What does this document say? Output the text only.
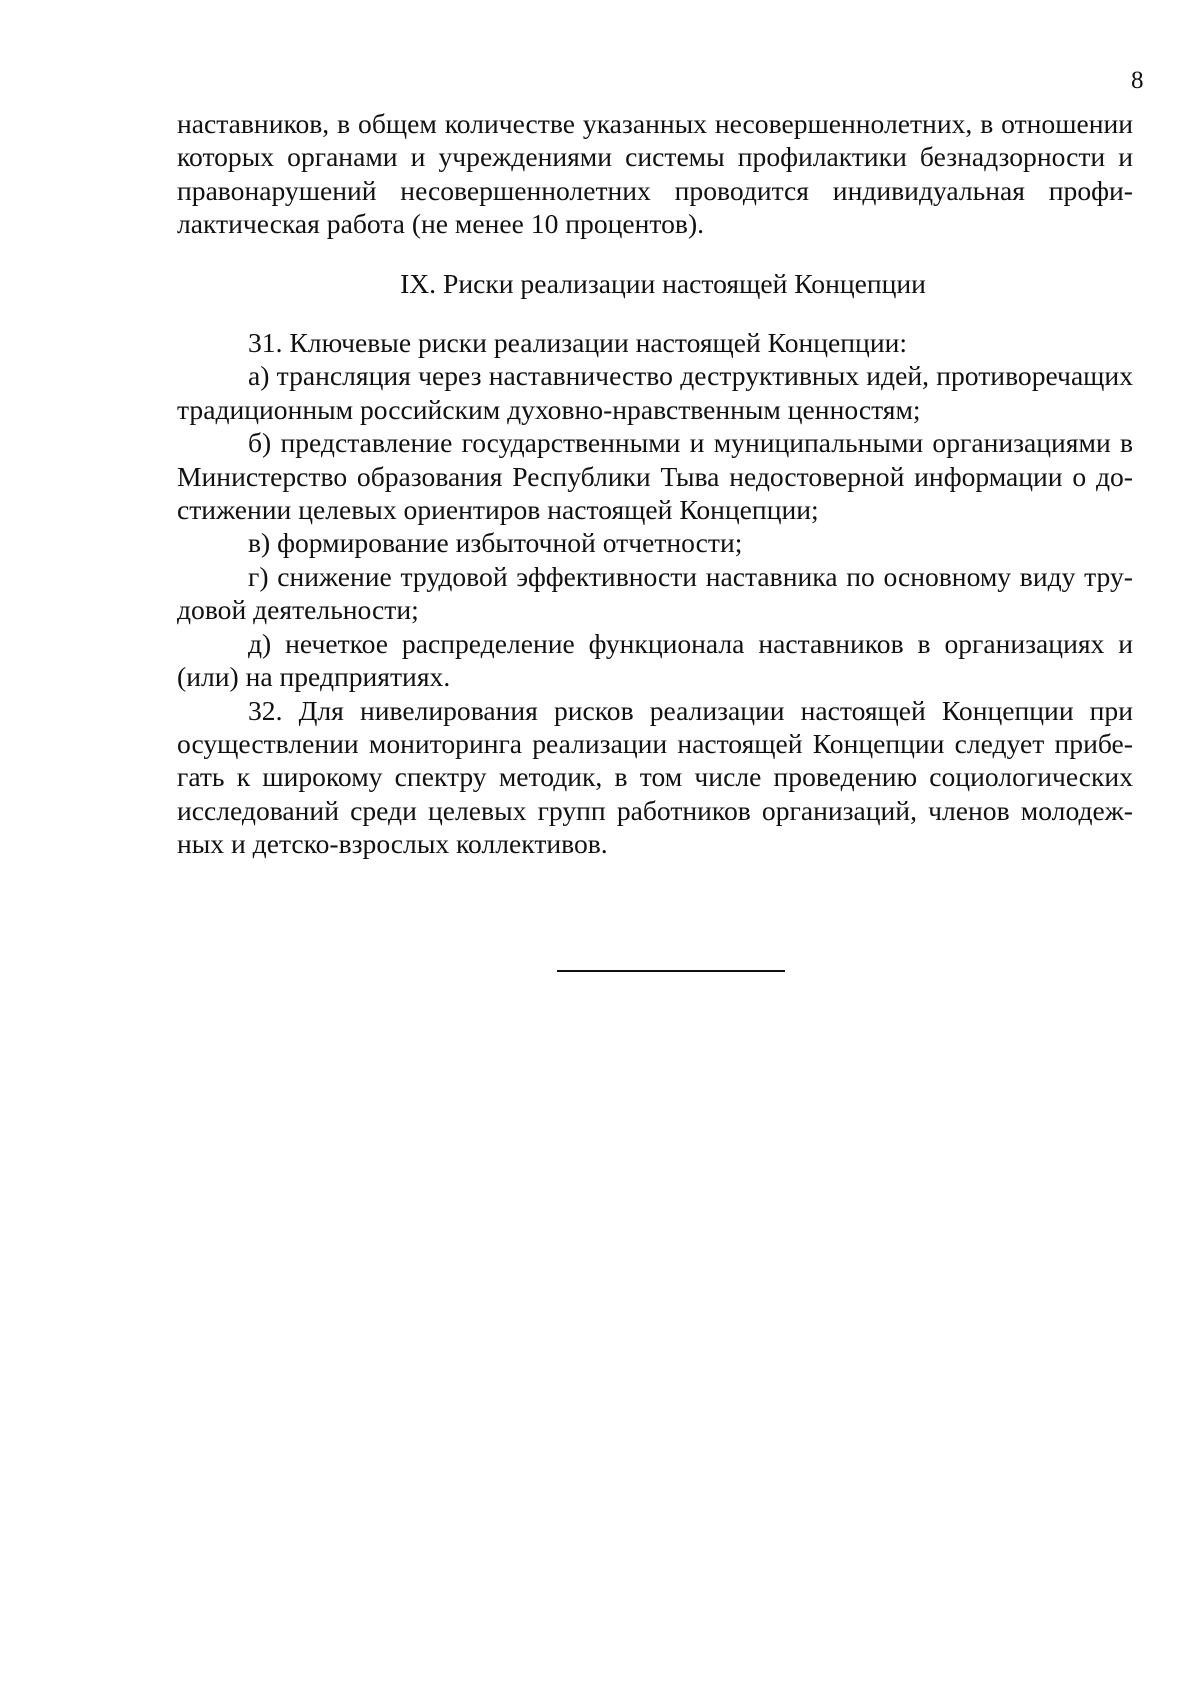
8

наставников, в общем количестве указанных несовершеннолетних, в отношении которых органами и учреждениями системы профилактики безнадзорности и правонарушений несовершеннолетних проводится индивидуальная профилактическая работа (не менее 10 процентов).

IX. Риски реализации настоящей Концепции

31. Ключевые риски реализации настоящей Концепции:

а) трансляция через наставничество деструктивных идей, противоречащих традиционным российским духовно-нравственным ценностям;

б) представление государственными и муниципальными организациями в Министерство образования Республики Тыва недостоверной информации о достижении целевых ориентиров настоящей Концепции;

в) формирование избыточной отчетности;

г) снижение трудовой эффективности наставника по основному виду трудовой деятельности;

д) нечеткое распределение функционала наставников в организациях и (или) на предприятиях.

32. Для нивелирования рисков реализации настоящей Концепции при осуществлении мониторинга реализации настоящей Концепции следует прибегать к широкому спектру методик, в том числе проведению социологических исследований среди целевых групп работников организаций, членов молодежных и детско-взрослых коллективов.
